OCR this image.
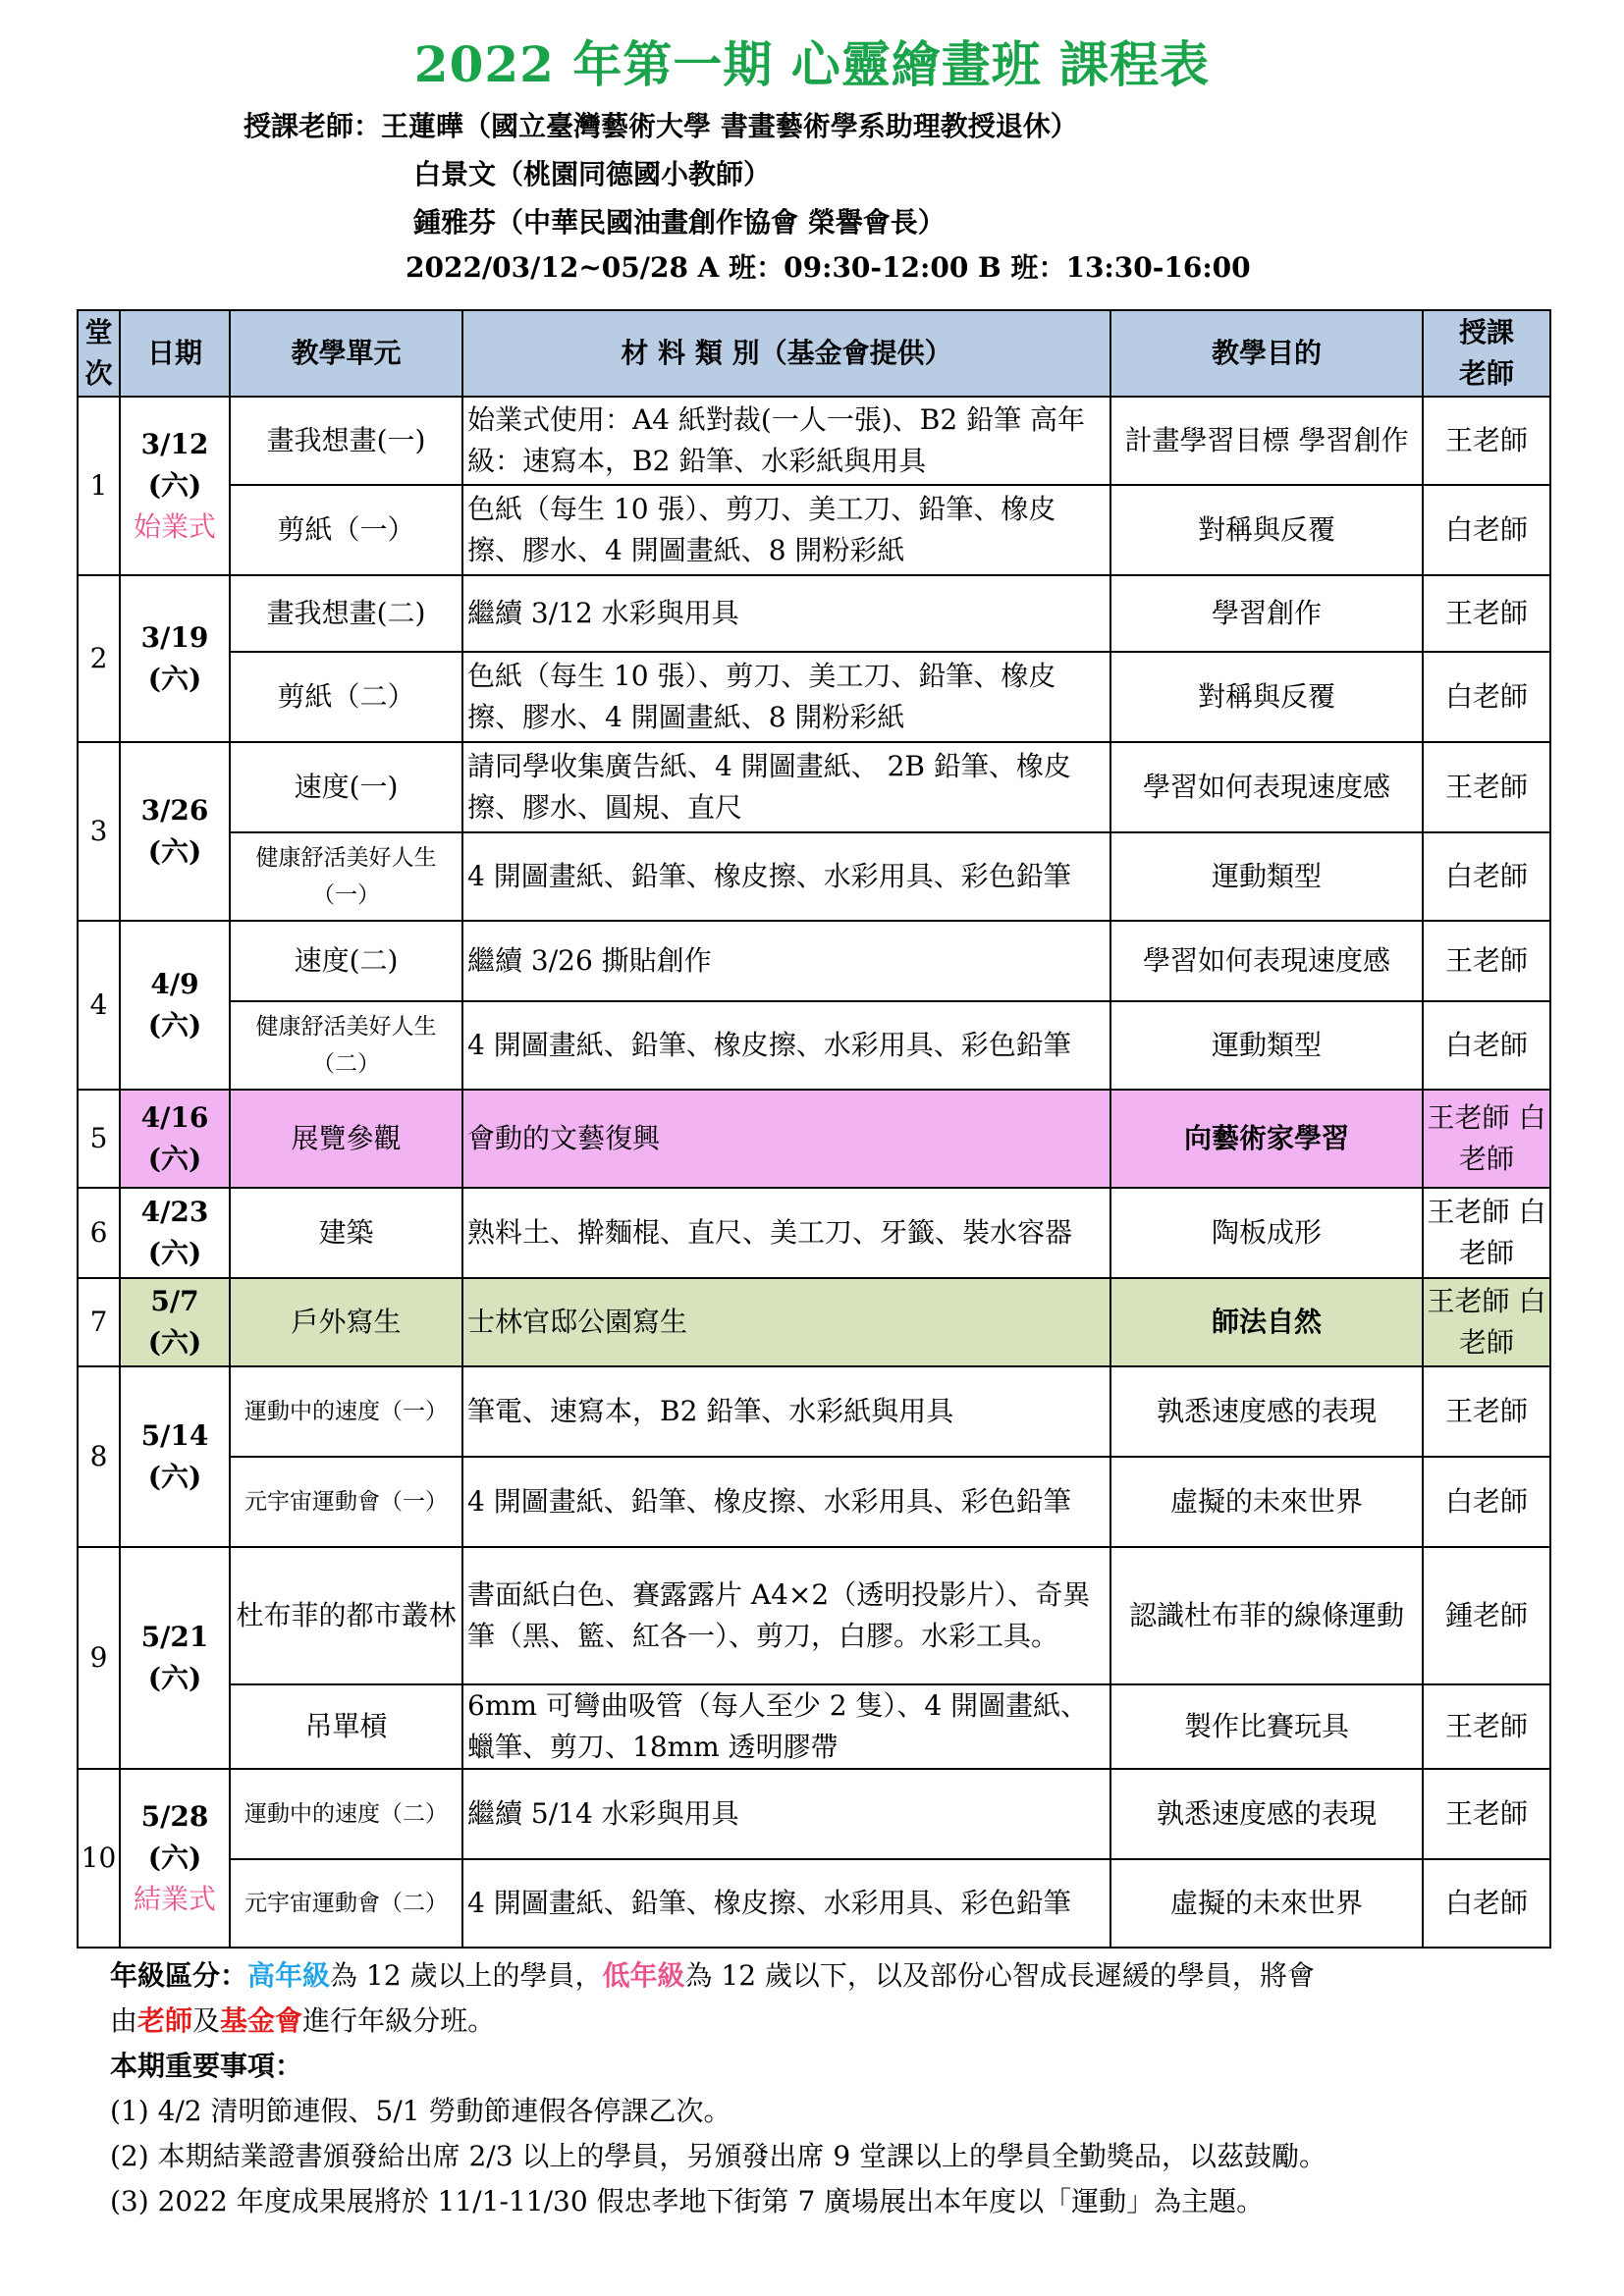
2022 年第一期 心靈繪畫班 課程表
授課老師：王蓮曄（國立臺灣藝術大學 書畫藝術學系助理教授退休）
白景文（桃園同德國小教師）
鍾雅芬（中華民國油畫創作協會 榮譽會長）
2022/03/12~05/28 A 班：09:30-12:00 B 班：13:30-16:00
堂
次	日期	教學單元	材 料 類 別（基金會提供）	教學目的	授課
老師
1	3/12
(六)
始業式	畫我想畫(一)	始業式使用：A4 紙對裁(一人一張)、B2 鉛筆 高年級：速寫本，B2 鉛筆、水彩紙與用具	計畫學習目標 學習創作	王老師
		剪紙（一）	色紙（每生 10 張）、剪刀、美工刀、鉛筆、橡皮擦、膠水、4 開圖畫紙、8 開粉彩紙	對稱與反覆	白老師
2	3/19
(六)	畫我想畫(二)	繼續 3/12 水彩與用具	學習創作	王老師
		剪紙（二）	色紙（每生 10 張）、剪刀、美工刀、鉛筆、橡皮擦、膠水、4 開圖畫紙、8 開粉彩紙	對稱與反覆	白老師
3	3/26
(六)	速度(一)	請同學收集廣告紙、4 開圖畫紙、 2B 鉛筆、橡皮擦、膠水、圓規、直尺	學習如何表現速度感	王老師
		健康舒活美好人生（一）	4 開圖畫紙、鉛筆、橡皮擦、水彩用具、彩色鉛筆	運動類型	白老師
4	4/9
(六)	速度(二)	繼續 3/26 撕貼創作	學習如何表現速度感	王老師
		健康舒活美好人生（二）	4 開圖畫紙、鉛筆、橡皮擦、水彩用具、彩色鉛筆	運動類型	白老師
5	4/16
(六)	展覽參觀	會動的文藝復興	向藝術家學習	王老師 白老師
6	4/23
(六)	建築	熟料土、擀麵棍、直尺、美工刀、牙籤、裝水容器	陶板成形	王老師 白老師
7	5/7
(六)	戶外寫生	士林官邸公園寫生	師法自然	王老師 白老師
8	5/14
(六)	運動中的速度（一）	筆電、速寫本，B2 鉛筆、水彩紙與用具	孰悉速度感的表現	王老師
		元宇宙運動會（一）	4 開圖畫紙、鉛筆、橡皮擦、水彩用具、彩色鉛筆	虛擬的未來世界	白老師
9	5/21
(六)	杜布菲的都市叢林	書面紙白色、賽露露片 A4×2（透明投影片）、奇異筆（黑、籃、紅各一）、剪刀，白膠。水彩工具。	認識杜布菲的線條運動	鍾老師
		吊單槓	6mm 可彎曲吸管（每人至少 2 隻）、4 開圖畫紙、蠟筆、剪刀、18mm 透明膠帶	製作比賽玩具	王老師
10	5/28
(六)
結業式	運動中的速度（二）	繼續 5/14 水彩與用具	孰悉速度感的表現	王老師
		元宇宙運動會（二）	4 開圖畫紙、鉛筆、橡皮擦、水彩用具、彩色鉛筆	虛擬的未來世界	白老師
年級區分：高年級為 12 歲以上的學員，低年級為 12 歲以下，以及部份心智成長遲緩的學員，將會
由老師及基金會進行年級分班。
本期重要事項：
(1) 4/2 清明節連假、5/1 勞動節連假各停課乙次。
(2) 本期結業證書頒發給出席 2/3 以上的學員，另頒發出席 9 堂課以上的學員全勤獎品，以茲鼓勵。
(3) 2022 年度成果展將於 11/1-11/30 假忠孝地下街第 7 廣場展出本年度以「運動」為主題。
